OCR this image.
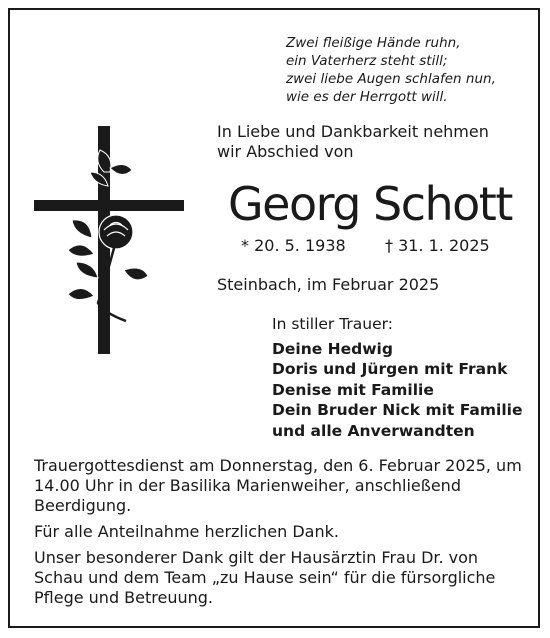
Zwei fleißige Hände ruhn,
ein Vaterherz steht still;
zwei liebe Augen schlafen nun,
wie es der Herrgott will.
In Liebe und Dankbarkeit nehmen
wir Abschied von
Georg Schott
* 20. 5. 1938 † 31. 1. 2025
Steinbach, im Februar 2025
In stiller Trauer:
Deine Hedwig
Doris und Jürgen mit Frank
Denise mit Familie
Dein Bruder Nick mit Familie
und alle Anverwandten

Trauergottesdienst am Donnerstag, den 6. Februar 2025, um 14.00 Uhr in der Basilika Marienweiher, anschließend Beerdigung.

Für alle Anteilnahme herzlichen Dank.

Unser besonderer Dank gilt der Hausärztin Frau Dr. von Schau und dem Team „zu Hause sein“ für die fürsorgliche Pflege und Betreuung.
